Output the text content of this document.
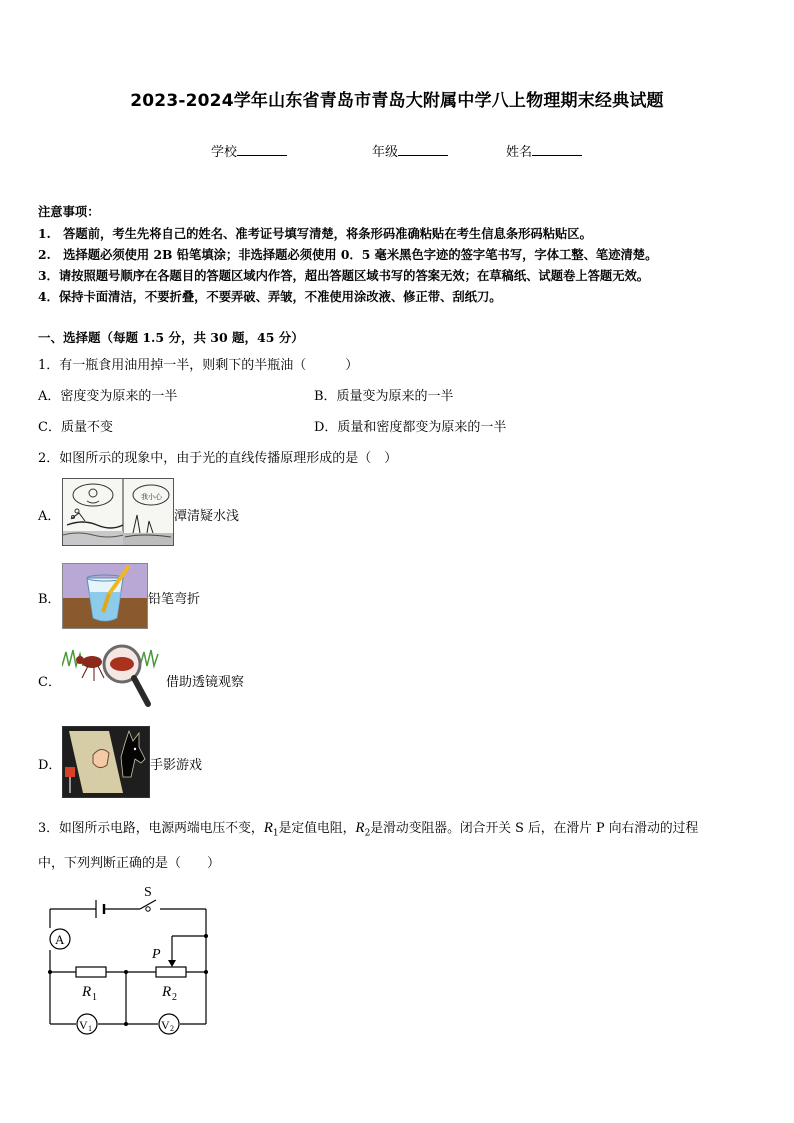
2023-2024学年山东省青岛市青岛大附属中学八上物理期末经典试题
学校	年级	姓名
注意事项：
1.　答题前，考生先将自己的姓名、准考证号填写清楚，将条形码准确粘贴在考生信息条形码粘贴区。
2.　选择题必须使用 2B 铅笔填涂；非选择题必须使用 0．5 毫米黑色字迹的签字笔书写，字体工整、笔迹清楚。
3．请按照题号顺序在各题目的答题区域内作答，超出答题区域书写的答案无效；在草稿纸、试题卷上答题无效。
4．保持卡面清洁，不要折叠，不要弄破、弄皱，不准使用涂改液、修正带、刮纸刀。
一、选择题（每题 1.5 分，共 30 题，45 分）
1．有一瓶食用油用掉一半，则剩下的半瓶油（　　　）
A．密度变为原来的一半	B．质量变为原来的一半
C．质量不变	D．质量和密度都变为原来的一半
2．如图所示的现象中，由于光的直线传播原理形成的是（　）
A．
我小心
潭清疑水浅
B．	铅笔弯折
C．	借助透镜观察
D．	手影游戏
3．如图所示电路，电源两端电压不变，$R_1$是定值电阻，$R_2$是滑动变阻器。闭合开关 S 后，在滑片 P 向右滑动的过程
中，下列判断正确的是（　　）
S
A
P
R 1	R 2
V 1	V 2
